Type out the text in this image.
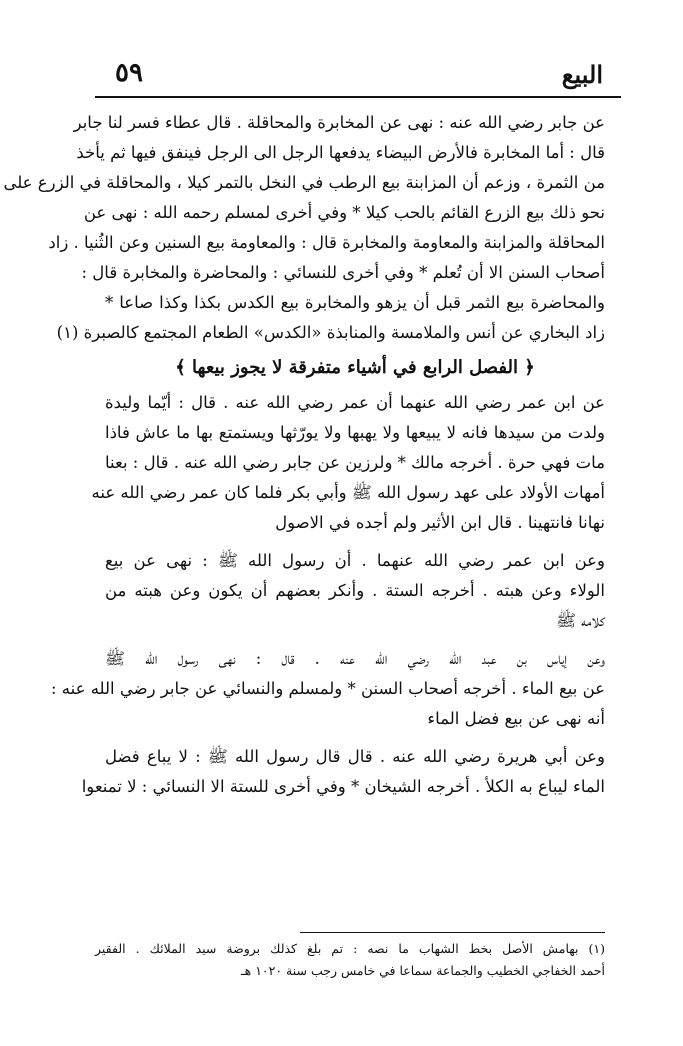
البيع
٥٩
عن جابر رضي الله عنه : نهى عن المخابرة والمحاقلة . قال عطاء فسر لنا جابر
قال : أما المخابرة فالأرض البيضاء يدفعها الرجل الى الرجل فينفق فيها ثم يأخذ
من الثمرة ، وزعم أن المزابنة بيع الرطب في النخل بالتمر كيلا ، والمحاقلة في الزرع على
نحو ذلك بيع الزرع القائم بالحب كيلا * وفي أخرى لمسلم رحمه الله : نهى عن
المحاقلة والمزابنة والمعاومة والمخابرة قال : والمعاومة بيع السنين وعن الثُنيا . زاد
أصحاب السنن الا أن تُعلم * وفي أخرى للنسائي : والمحاضرة والمخابرة قال :
والمحاضرة بيع الثمر قبل أن يزهو والمخابرة بيع الكدس بكذا وكذا صاعا *
زاد البخاري عن أنس والملامسة والمنابذة «الكدس» الطعام المجتمع كالصبرة (١)
﴿ الفصل الرابع في أشياء متفرقة لا يجوز بيعها ﴾
عن ابن عمر رضي الله عنهما أن عمر رضي الله عنه . قال : أيّما وليدة
ولدت من سيدها فانه لا يبيعها ولا يهبها ولا يورّثها ويستمتع بها ما عاش فاذا
مات فهي حرة . أخرجه مالك * ولرزين عن جابر رضي الله عنه . قال : بعنا
أمهات الأولاد على عهد رسول الله ﷺ وأبي بكر فلما كان عمر رضي الله عنه
نهانا فانتهينا . قال ابن الأثير ولم أجده في الاصول
وعن ابن عمر رضي الله عنهما . أن رسول الله ﷺ : نهى عن بيع
الولاء وعن هبته . أخرجه الستة . وأنكر بعضهم أن يكون وعن هبته من
كلامه ﷺ
وعن إياس بن عبد الله رضي الله عنه . قال : نهى رسول الله ﷺ
عن بيع الماء . أخرجه أصحاب السنن * ولمسلم والنسائي عن جابر رضي الله عنه :
أنه نهى عن بيع فضل الماء
وعن أبي هريرة رضي الله عنه . قال قال رسول الله ﷺ : لا يباع فضل
الماء ليباع به الكلأ . أخرجه الشيخان * وفي أخرى للستة الا النسائي : لا تمنعوا
(١) بهامش الأصل بخط الشهاب ما نصه : تم بلغ كذلك بروضة سيد الملائك . الفقير
أحمد الخفاجي الخطيب والجماعة سماعا في خامس رجب سنة ١٠٢٠ هـ
